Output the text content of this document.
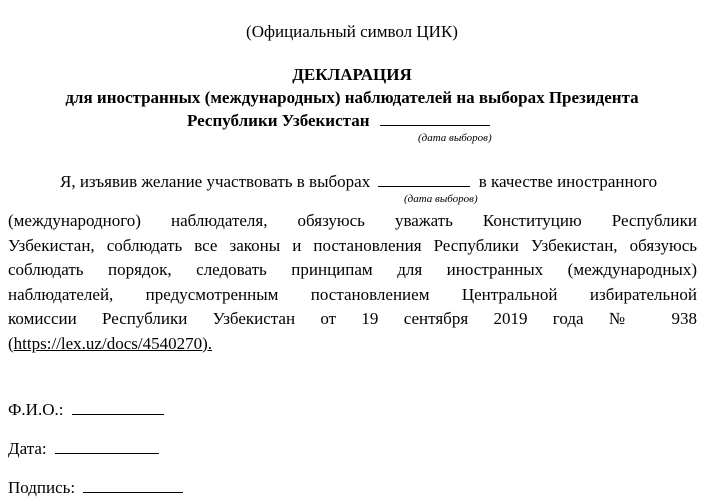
(Официальный символ ЦИК)
ДЕКЛАРАЦИЯ
для иностранных (международных) наблюдателей на выборах Президента
Республики Узбекистан
(дата выборов)
Я, изъявив желание участвовать в выборах	в качестве иностранного
(дата выборов)
(международного) наблюдателя, обязуюсь уважать Конституцию Республики
Узбекистан, соблюдать все законы и постановления Республики Узбекистан, обязуюсь
соблюдать порядок, следовать принципам для иностранных (международных)
наблюдателей, предусмотренным постановлением Центральной избирательной
комиссии Республики Узбекистан от 19 сентября 2019 года № 938
(https://lex.uz/docs/4540270).
Ф.И.О.:
Дата:
Подпись:
